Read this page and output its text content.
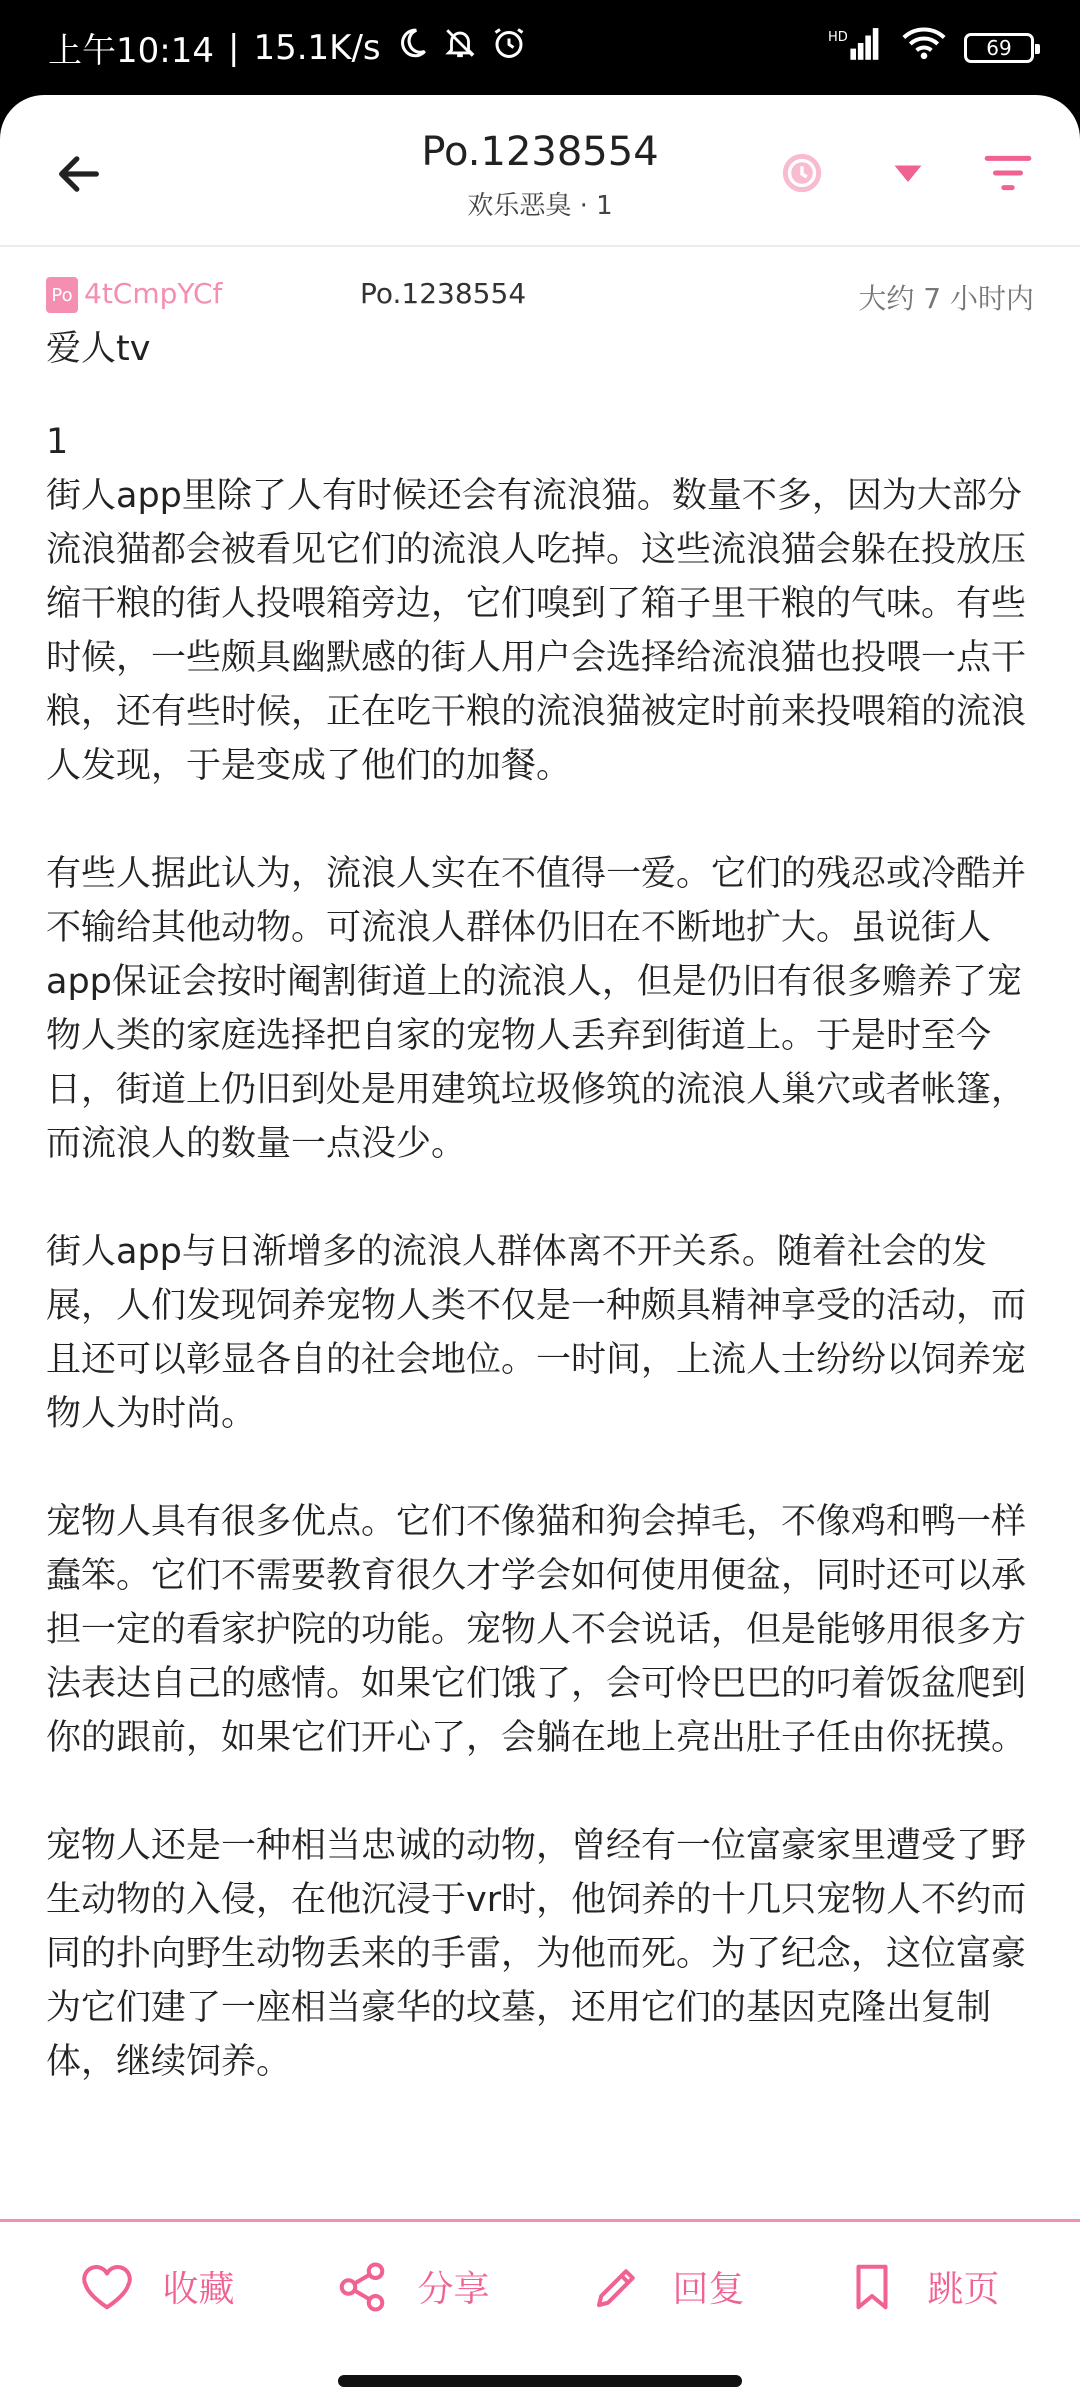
上午10:14 | 15.1K/s	HD	69
Po.1238554
欢乐恶臭 · 1
Po 4tCmpYCf	Po.1238554	大约 7 小时内
爱人tv
1
街人app里除了人有时候还会有流浪猫。数量不多，因为大部分流浪猫都会被看见它们的流浪人吃掉。这些流浪猫会躲在投放压缩干粮的街人投喂箱旁边，它们嗅到了箱子里干粮的气味。有些时候，一些颇具幽默感的街人用户会选择给流浪猫也投喂一点干粮，还有些时候，正在吃干粮的流浪猫被定时前来投喂箱的流浪人发现，于是变成了他们的加餐。

有些人据此认为，流浪人实在不值得一爱。它们的残忍或冷酷并不输给其他动物。可流浪人群体仍旧在不断地扩大。虽说街人app保证会按时阉割街道上的流浪人，但是仍旧有很多赡养了宠物人类的家庭选择把自家的宠物人丢弃到街道上。于是时至今日，街道上仍旧到处是用建筑垃圾修筑的流浪人巢穴或者帐篷，而流浪人的数量一点没少。

街人app与日渐增多的流浪人群体离不开关系。随着社会的发展，人们发现饲养宠物人类不仅是一种颇具精神享受的活动，而且还可以彰显各自的社会地位。一时间，上流人士纷纷以饲养宠物人为时尚。

宠物人具有很多优点。它们不像猫和狗会掉毛，不像鸡和鸭一样蠢笨。它们不需要教育很久才学会如何使用便盆，同时还可以承担一定的看家护院的功能。宠物人不会说话，但是能够用很多方法表达自己的感情。如果它们饿了，会可怜巴巴的叼着饭盆爬到你的跟前，如果它们开心了，会躺在地上亮出肚子任由你抚摸。

宠物人还是一种相当忠诚的动物，曾经有一位富豪家里遭受了野生动物的入侵，在他沉浸于vr时，他饲养的十几只宠物人不约而同的扑向野生动物丢来的手雷，为他而死。为了纪念，这位富豪为它们建了一座相当豪华的坟墓，还用它们的基因克隆出复制体，继续饲养。
收藏	分享	回复	跳页
